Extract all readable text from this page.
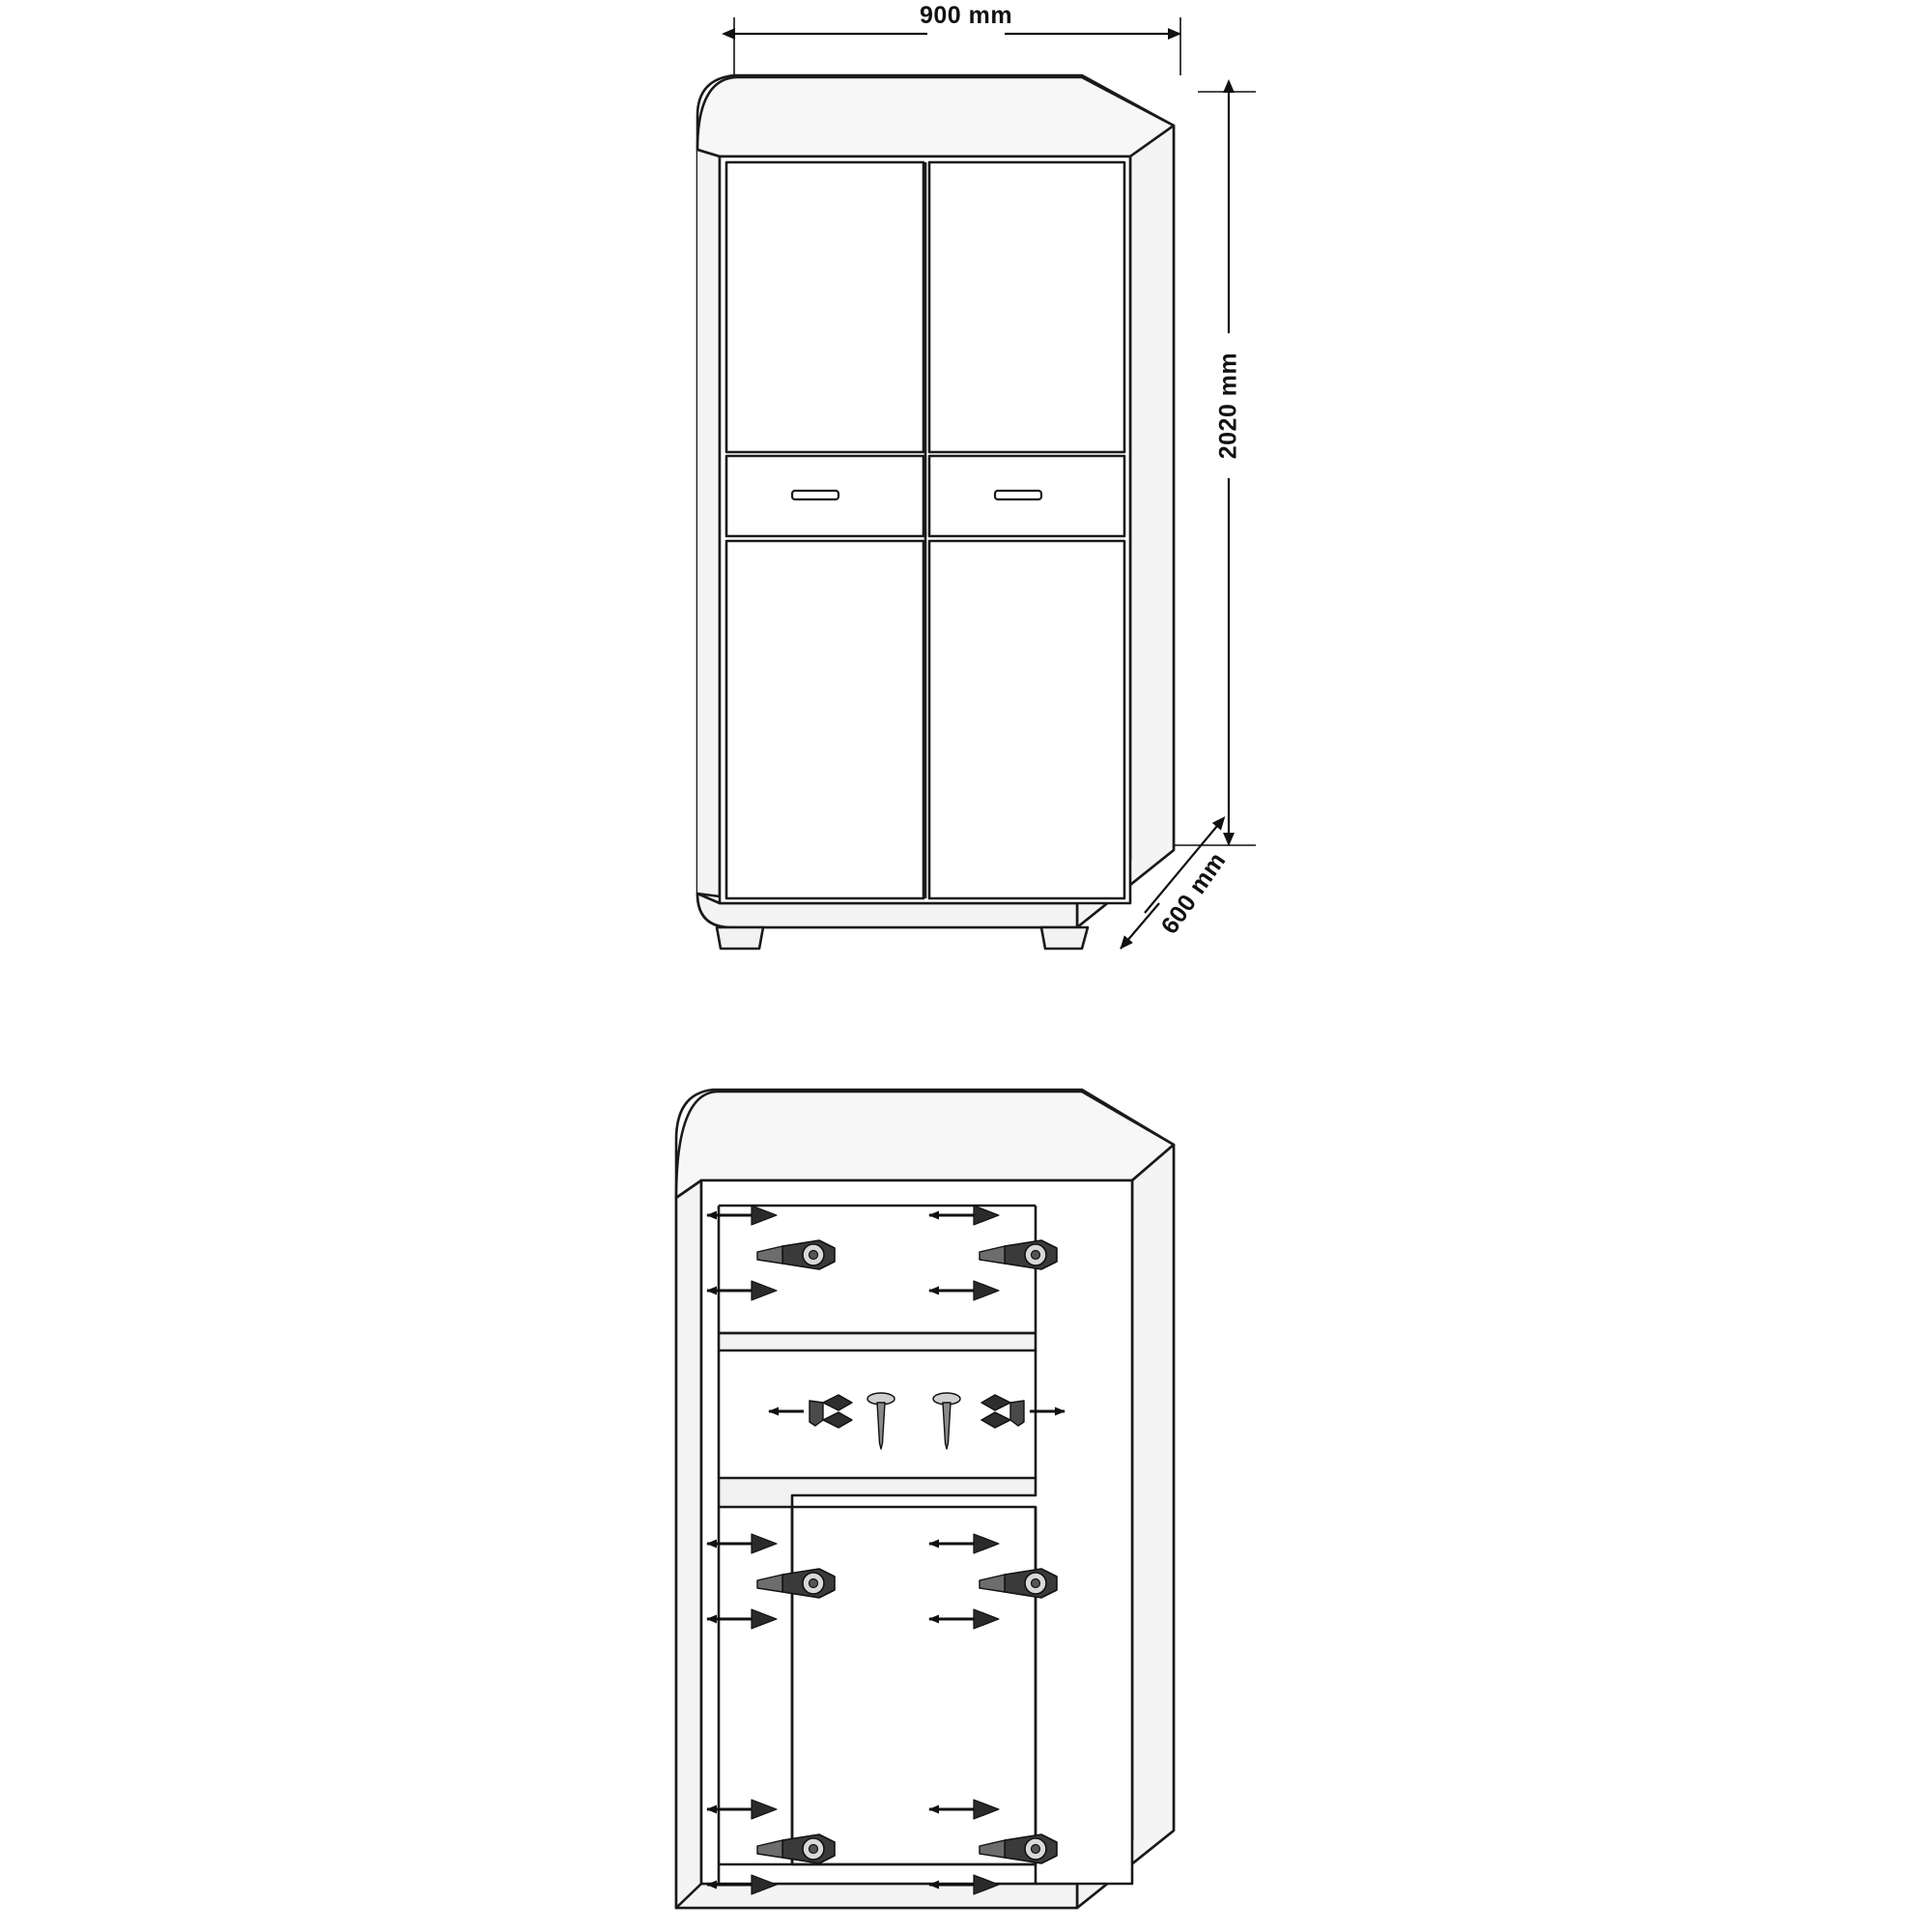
900 mm
2020 mm
600 mm
